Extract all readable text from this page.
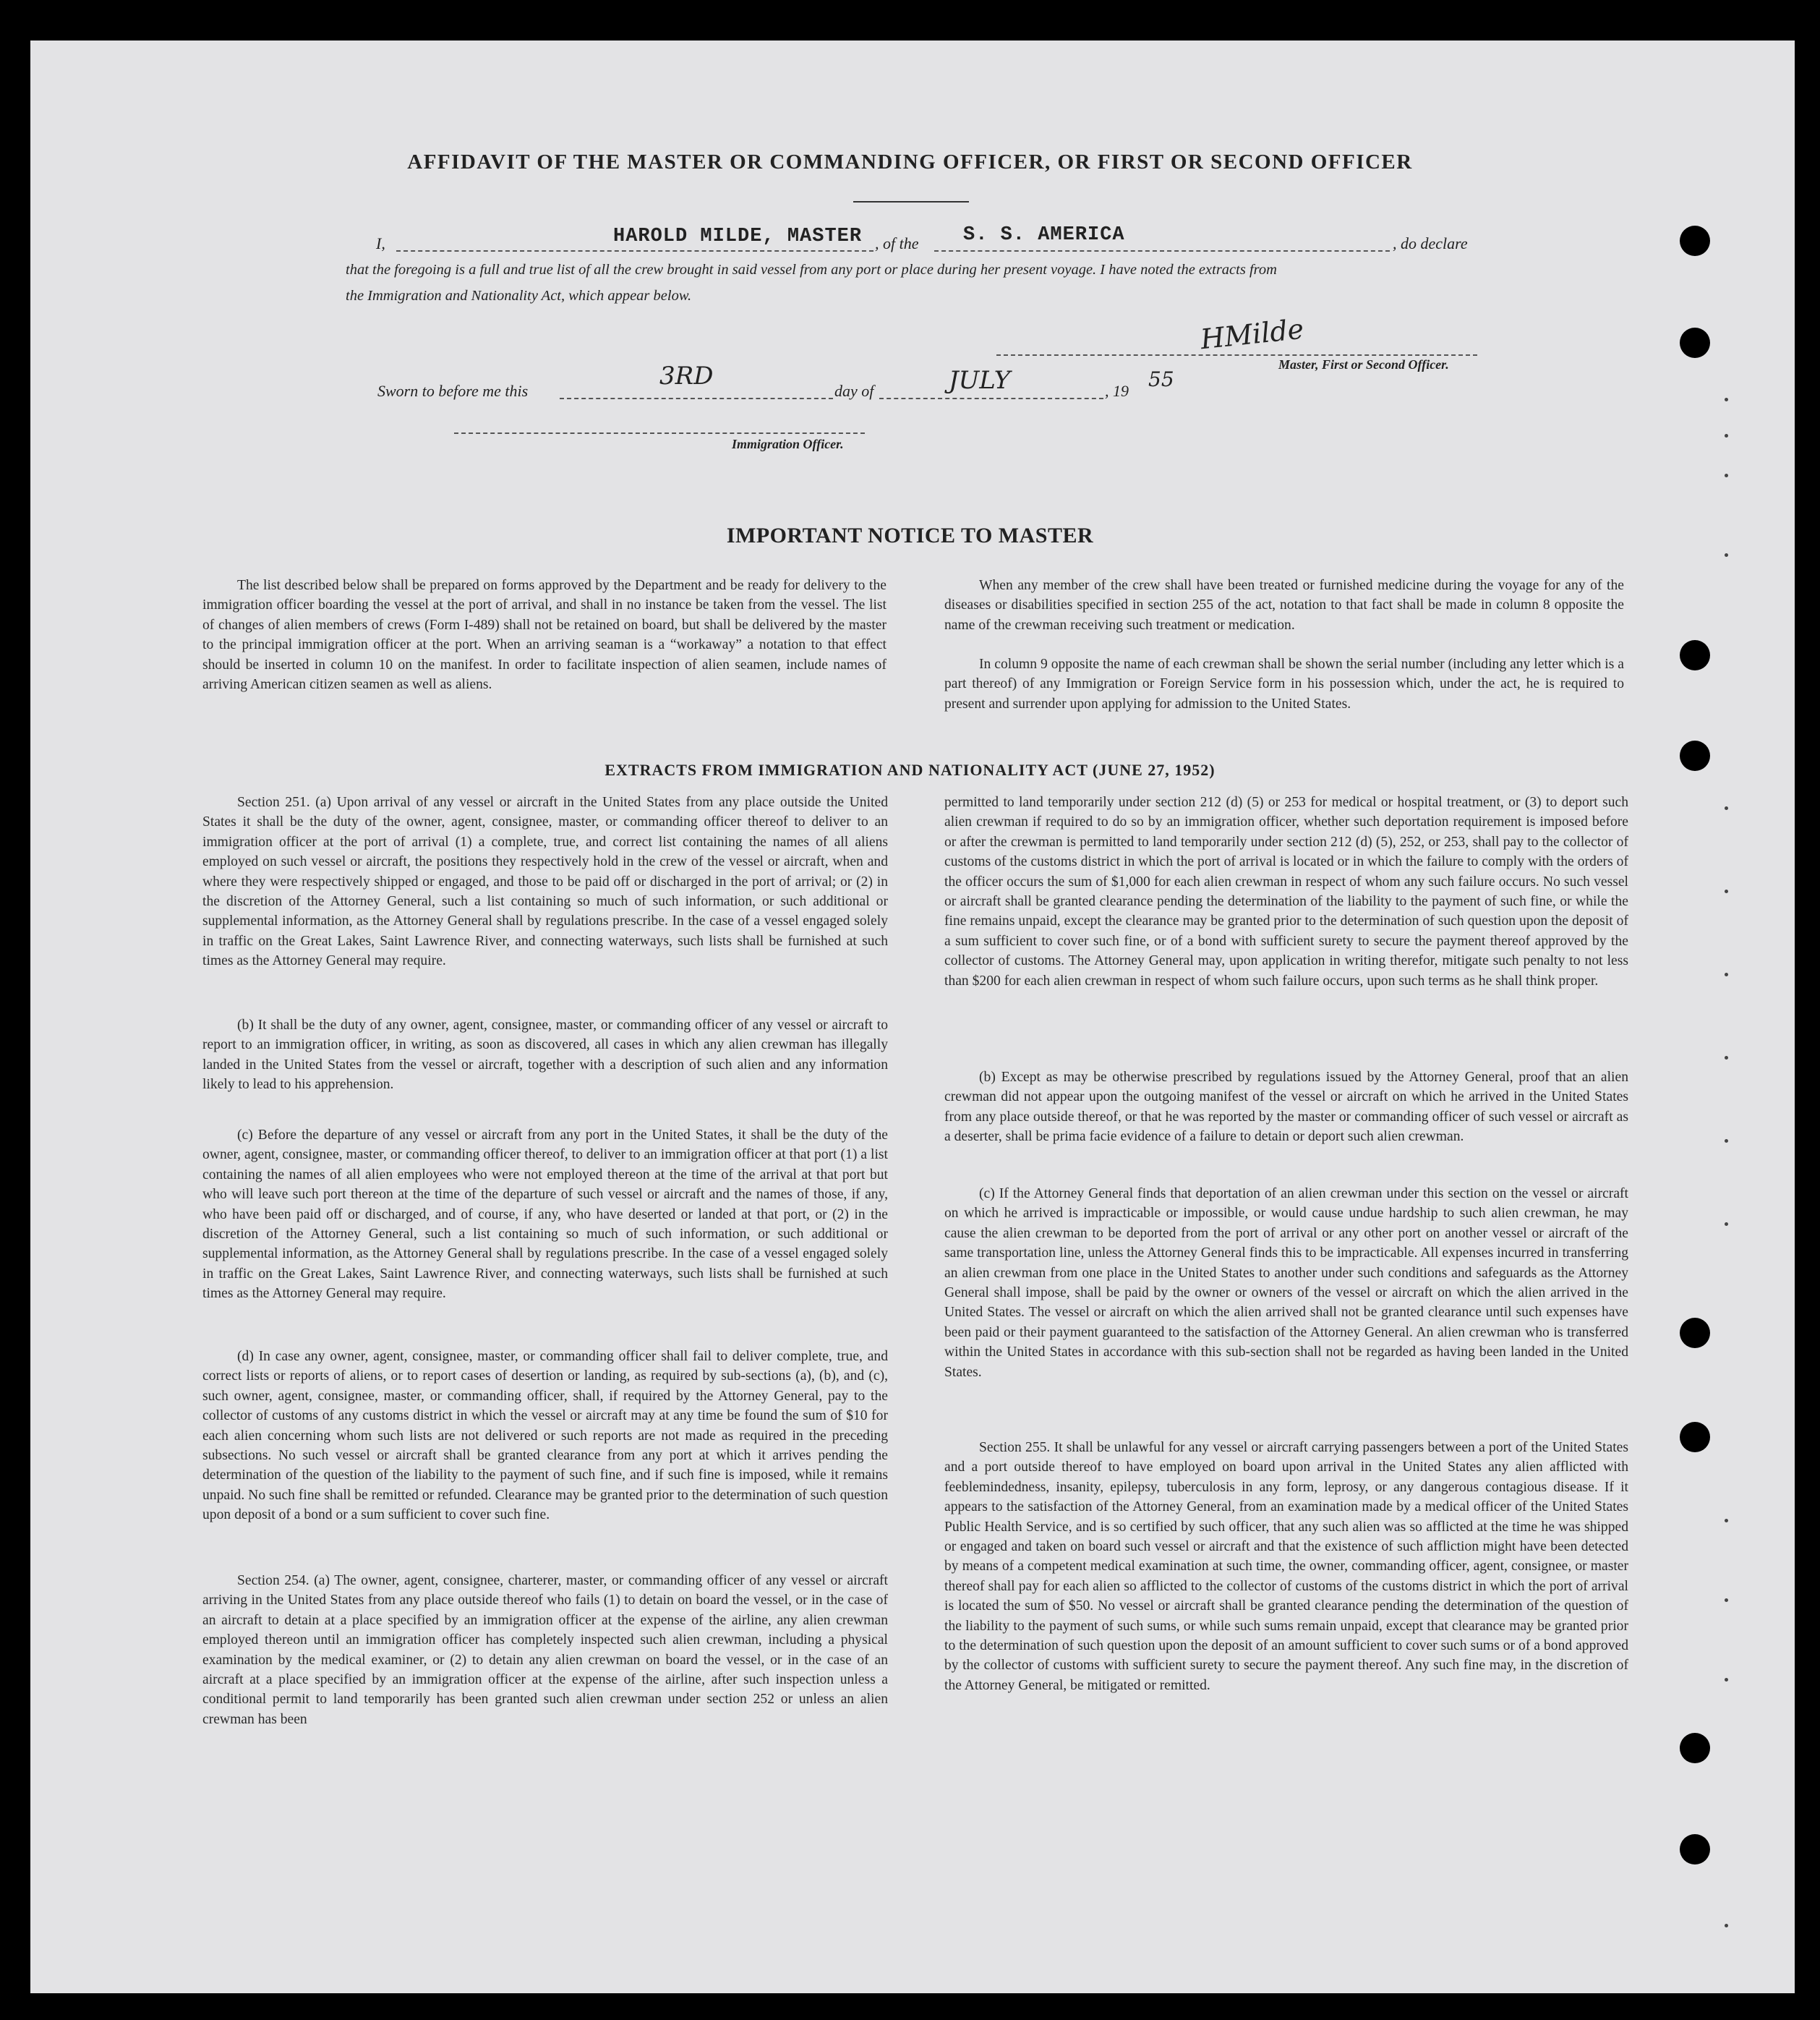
AFFIDAVIT OF THE MASTER OR COMMANDING OFFICER, OR FIRST OR SECOND OFFICER
I,	HAROLD MILDE, MASTER , of the S. S. AMERICA	, do declare
that the foregoing is a full and true list of all the crew brought in said vessel from any port or place during her present voyage. I have noted the extracts from
the Immigration and Nationality Act, which appear below.
HMilde
Master, First or Second Officer.
Sworn to before me this
3RD
day of	JULY	, 19 55
Immigration Officer.
IMPORTANT NOTICE TO MASTER

The list described below shall be prepared on forms approved by the Department and be ready for delivery to the immigration officer boarding the vessel at the port of arrival, and shall in no instance be taken from the vessel. The list of changes of alien members of crews (Form I-489) shall not be retained on board, but shall be delivered by the master to the principal immigration officer at the port. When an arriving seaman is a “workaway” a notation to that effect should be inserted in column 10 on the manifest. In order to facilitate inspection of alien seamen, include names of arriving American citizen seamen as well as aliens.

When any member of the crew shall have been treated or furnished medicine during the voyage for any of the diseases or disabilities specified in section 255 of the act, notation to that fact shall be made in column 8 opposite the name of the crewman receiving such treatment or medication.

In column 9 opposite the name of each crewman shall be shown the serial number (including any letter which is a part thereof) of any Immigration or Foreign Service form in his possession which, under the act, he is required to present and surrender upon applying for admission to the United States.

EXTRACTS FROM IMMIGRATION AND NATIONALITY ACT (JUNE 27, 1952)

Section 251. (a) Upon arrival of any vessel or aircraft in the United States from any place outside the United States it shall be the duty of the owner, agent, consignee, master, or commanding officer thereof to deliver to an immigration officer at the port of arrival (1) a complete, true, and correct list containing the names of all aliens employed on such vessel or aircraft, the positions they respectively hold in the crew of the vessel or aircraft, when and where they were respectively shipped or engaged, and those to be paid off or discharged in the port of arrival; or (2) in the discretion of the Attorney General, such a list containing so much of such information, or such additional or supplemental information, as the Attorney General shall by regulations prescribe. In the case of a vessel engaged solely in traffic on the Great Lakes, Saint Lawrence River, and connecting waterways, such lists shall be furnished at such times as the Attorney General may require.

(b) It shall be the duty of any owner, agent, consignee, master, or commanding officer of any vessel or aircraft to report to an immigration officer, in writing, as soon as discovered, all cases in which any alien crewman has illegally landed in the United States from the vessel or aircraft, together with a description of such alien and any information likely to lead to his apprehension.

(c) Before the departure of any vessel or aircraft from any port in the United States, it shall be the duty of the owner, agent, consignee, master, or commanding officer thereof, to deliver to an immigration officer at that port (1) a list containing the names of all alien employees who were not employed thereon at the time of the arrival at that port but who will leave such port thereon at the time of the departure of such vessel or aircraft and the names of those, if any, who have been paid off or discharged, and of course, if any, who have deserted or landed at that port, or (2) in the discretion of the Attorney General, such a list containing so much of such information, or such additional or supplemental information, as the Attorney General shall by regulations prescribe. In the case of a vessel engaged solely in traffic on the Great Lakes, Saint Lawrence River, and connecting waterways, such lists shall be furnished at such times as the Attorney General may require.

(d) In case any owner, agent, consignee, master, or commanding officer shall fail to deliver complete, true, and correct lists or reports of aliens, or to report cases of desertion or landing, as required by sub-sections (a), (b), and (c), such owner, agent, consignee, master, or commanding officer, shall, if required by the Attorney General, pay to the collector of customs of any customs district in which the vessel or aircraft may at any time be found the sum of $10 for each alien concerning whom such lists are not delivered or such reports are not made as required in the preceding subsections. No such vessel or aircraft shall be granted clearance from any port at which it arrives pending the determination of the question of the liability to the payment of such fine, and if such fine is imposed, while it remains unpaid. No such fine shall be remitted or refunded. Clearance may be granted prior to the determination of such question upon deposit of a bond or a sum sufficient to cover such fine.

Section 254. (a) The owner, agent, consignee, charterer, master, or commanding officer of any vessel or aircraft arriving in the United States from any place outside thereof who fails (1) to detain on board the vessel, or in the case of an aircraft to detain at a place specified by an immigration officer at the expense of the airline, any alien crewman employed thereon until an immigration officer has completely inspected such alien crewman, including a physical examination by the medical examiner, or (2) to detain any alien crewman on board the vessel, or in the case of an aircraft at a place specified by an immigration officer at the expense of the airline, after such inspection unless a conditional permit to land temporarily has been granted such alien crewman under section 252 or unless an alien crewman has been

permitted to land temporarily under section 212 (d) (5) or 253 for medical or hospital treatment, or (3) to deport such alien crewman if required to do so by an immigration officer, whether such deportation requirement is imposed before or after the crewman is permitted to land temporarily under section 212 (d) (5), 252, or 253, shall pay to the collector of customs of the customs district in which the port of arrival is located or in which the failure to comply with the orders of the officer occurs the sum of $1,000 for each alien crewman in respect of whom any such failure occurs. No such vessel or aircraft shall be granted clearance pending the determination of the liability to the payment of such fine, or while the fine remains unpaid, except the clearance may be granted prior to the determination of such question upon the deposit of a sum sufficient to cover such fine, or of a bond with sufficient surety to secure the payment thereof approved by the collector of customs. The Attorney General may, upon application in writing therefor, mitigate such penalty to not less than $200 for each alien crewman in respect of whom such failure occurs, upon such terms as he shall think proper.

(b) Except as may be otherwise prescribed by regulations issued by the Attorney General, proof that an alien crewman did not appear upon the outgoing manifest of the vessel or aircraft on which he arrived in the United States from any place outside thereof, or that he was reported by the master or commanding officer of such vessel or aircraft as a deserter, shall be prima facie evidence of a failure to detain or deport such alien crewman.

(c) If the Attorney General finds that deportation of an alien crewman under this section on the vessel or aircraft on which he arrived is impracticable or impossible, or would cause undue hardship to such alien crewman, he may cause the alien crewman to be deported from the port of arrival or any other port on another vessel or aircraft of the same transportation line, unless the Attorney General finds this to be impracticable. All expenses incurred in transferring an alien crewman from one place in the United States to another under such conditions and safeguards as the Attorney General shall impose, shall be paid by the owner or owners of the vessel or aircraft on which the alien arrived in the United States. The vessel or aircraft on which the alien arrived shall not be granted clearance until such expenses have been paid or their payment guaranteed to the satisfaction of the Attorney General. An alien crewman who is transferred within the United States in accordance with this sub-section shall not be regarded as having been landed in the United States.

Section 255. It shall be unlawful for any vessel or aircraft carrying passengers between a port of the United States and a port outside thereof to have employed on board upon arrival in the United States any alien afflicted with feeblemindedness, insanity, epilepsy, tuberculosis in any form, leprosy, or any dangerous contagious disease. If it appears to the satisfaction of the Attorney General, from an examination made by a medical officer of the United States Public Health Service, and is so certified by such officer, that any such alien was so afflicted at the time he was shipped or engaged and taken on board such vessel or aircraft and that the existence of such affliction might have been detected by means of a competent medical examination at such time, the owner, commanding officer, agent, consignee, or master thereof shall pay for each alien so afflicted to the collector of customs of the customs district in which the port of arrival is located the sum of $50. No vessel or aircraft shall be granted clearance pending the determination of the question of the liability to the payment of such sums, or while such sums remain unpaid, except that clearance may be granted prior to the determination of such question upon the deposit of an amount sufficient to cover such sums or of a bond approved by the collector of customs with sufficient surety to secure the payment thereof. Any such fine may, in the discretion of the Attorney General, be mitigated or remitted.
